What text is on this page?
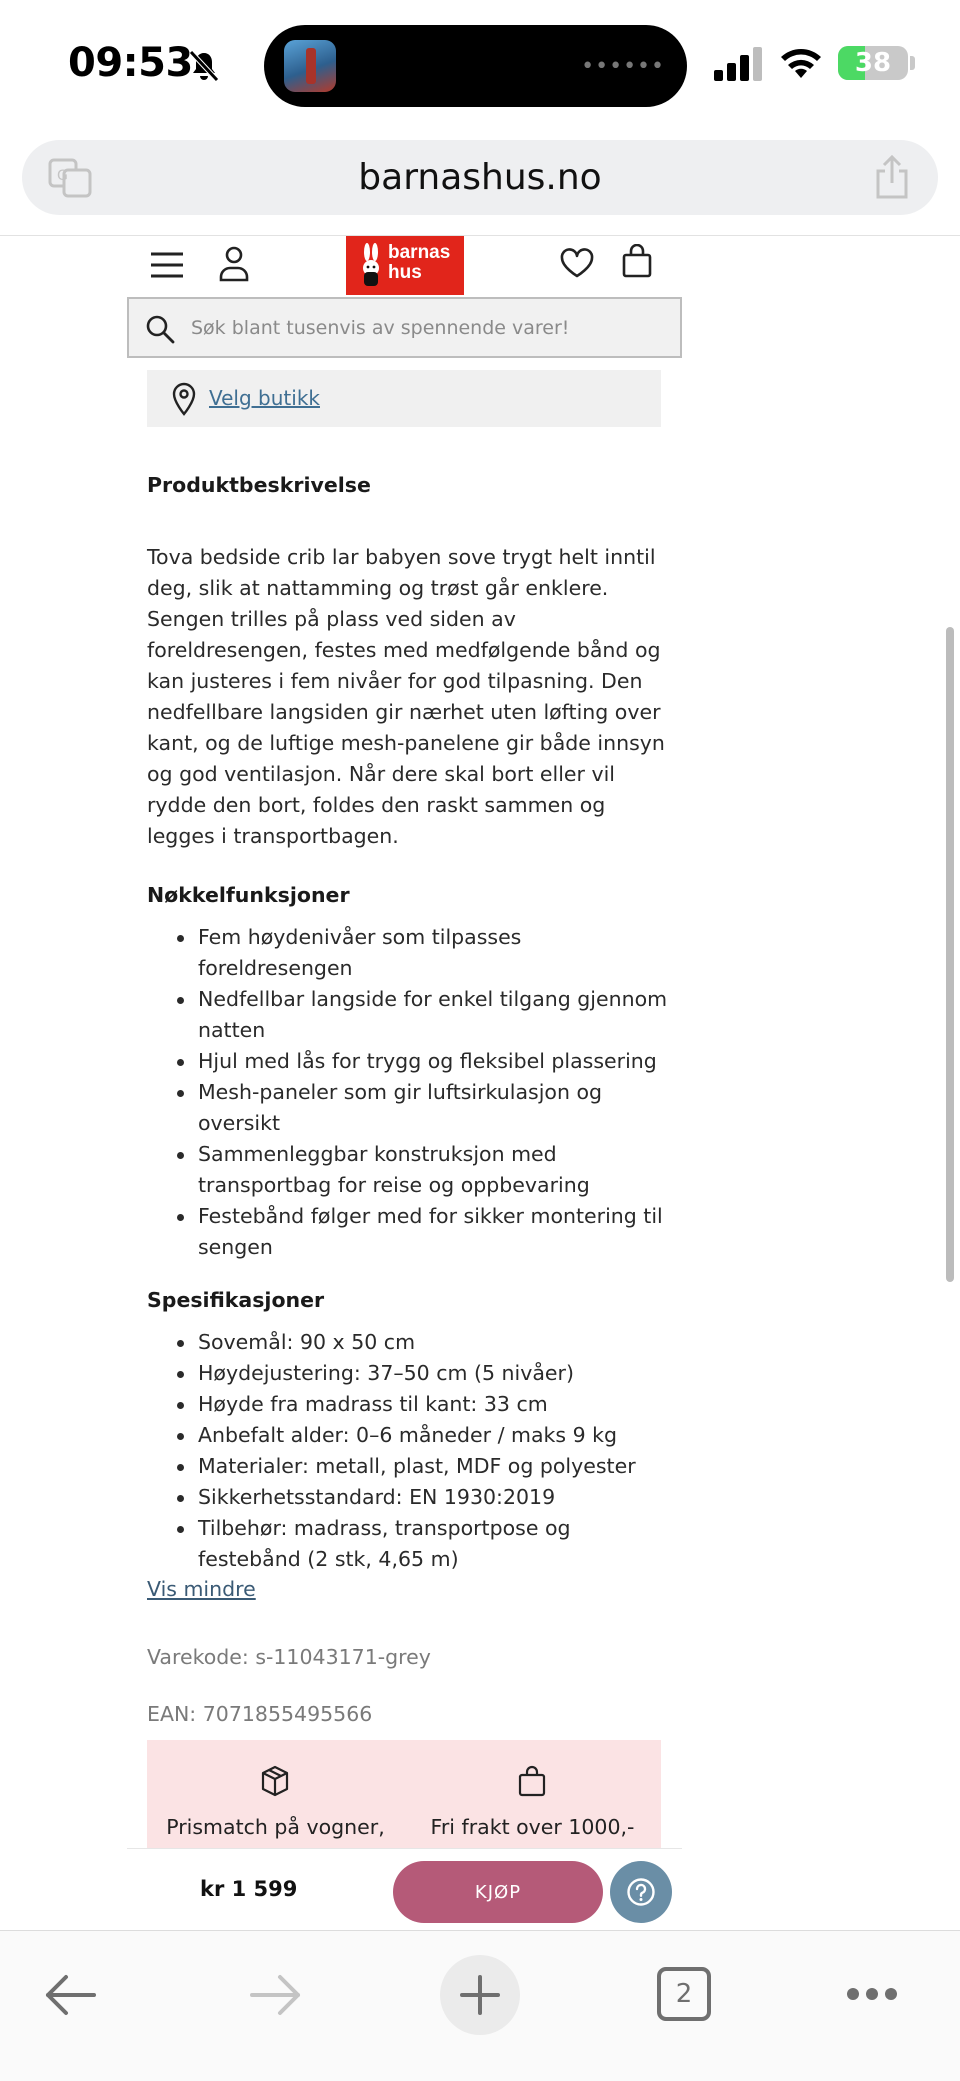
09:53	••••••	38
G	barnashus.no
barnas
hus
Søk blant tusenvis av spennende varer!
Velg butikk
Produktbeskrivelse

Tova bedside crib lar babyen sove trygt helt inntil deg, slik at nattamming og trøst går enklere. Sengen trilles på plass ved siden av foreldresengen, festes med medfølgende bånd og kan justeres i fem nivåer for god tilpasning. Den nedfellbare langsiden gir nærhet uten løfting over kant, og de luftige mesh-panelene gir både innsyn og god ventilasjon. Når dere skal bort eller vil rydde den bort, foldes den raskt sammen og legges i transportbagen.

Nøkkelfunksjoner
Fem høydenivåer som tilpasses foreldresengen
Nedfellbar langside for enkel tilgang gjennom natten
Hjul med lås for trygg og fleksibel plassering
Mesh-paneler som gir luftsirkulasjon og oversikt
Sammenleggbar konstruksjon med transportbag for reise og oppbevaring
Festebånd følger med for sikker montering til sengen
Spesifikasjoner
Sovemål: 90 x 50 cm
Høydejustering: 37–50 cm (5 nivåer)
Høyde fra madrass til kant: 33 cm
Anbefalt alder: 0–6 måneder / maks 9 kg
Materialer: metall, plast, MDF og polyester
Sikkerhetsstandard: EN 1930:2019
Tilbehør: madrass, transportpose og festebånd (2 stk, 4,65 m)
Vis mindre
Varekode: s-11043171-grey
EAN: 7071855495566
Prismatch på vogner,	Fri frakt over 1000,-
kr 1 599	KJØP
2
